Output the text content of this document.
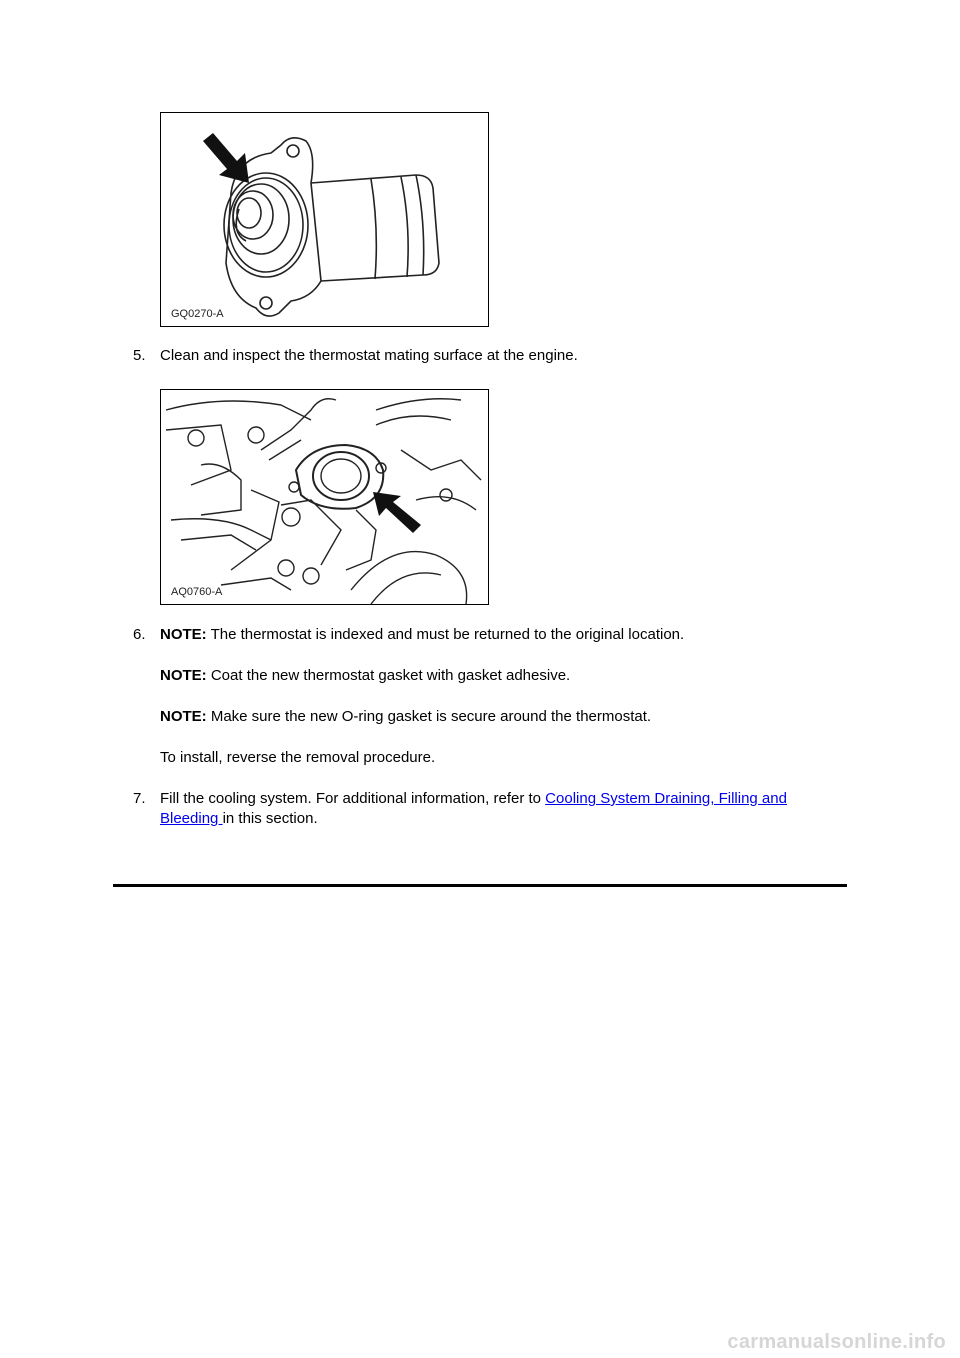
GQ0270-A
5. Clean and inspect the thermostat mating surface at the engine.
AQ0760-A
6. NOTE: The thermostat is indexed and must be returned to the original location.
NOTE: Coat the new thermostat gasket with gasket adhesive.
NOTE: Make sure the new O-ring gasket is secure around the thermostat.
To install, reverse the removal procedure.
7. Fill the cooling system. For additional information, refer to Cooling System Draining, Filling and
Bleeding in this section.
carmanualsonline.info
